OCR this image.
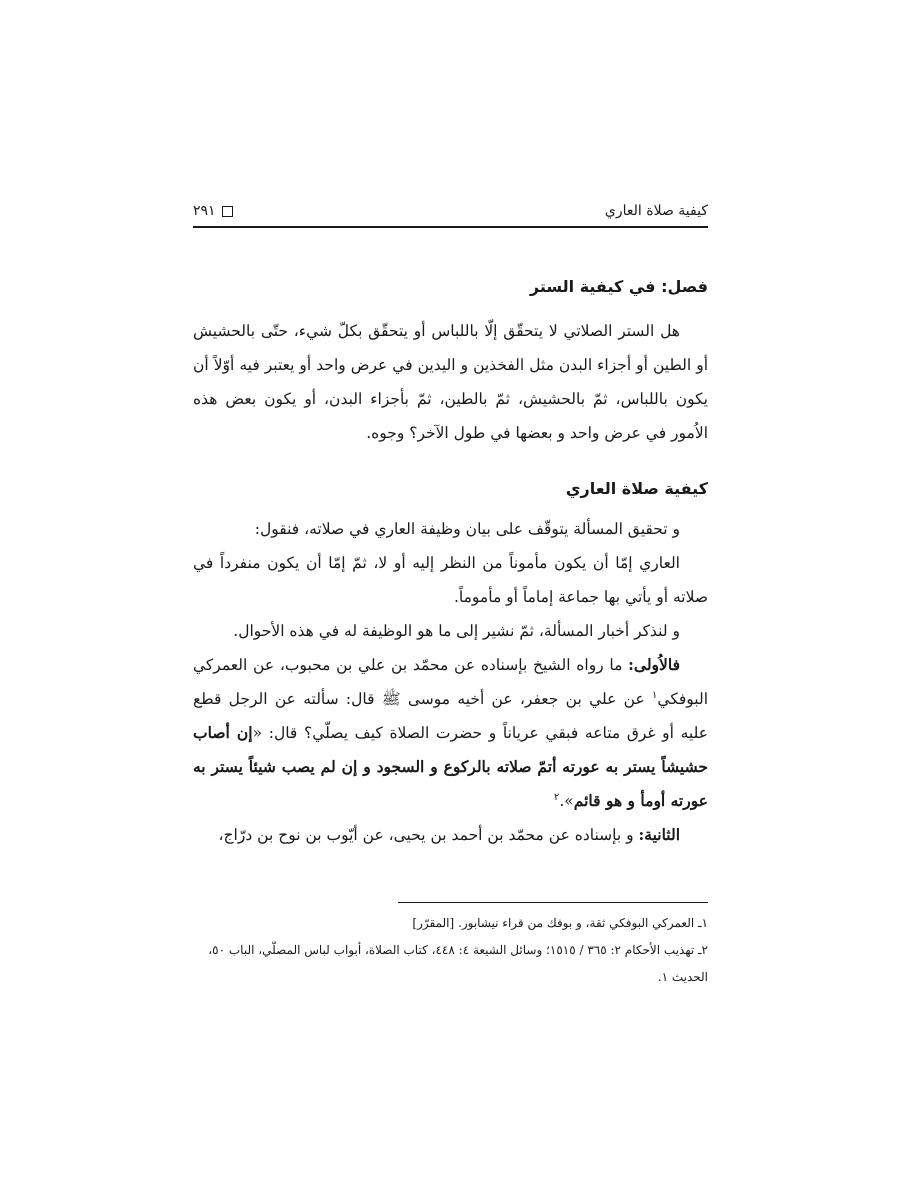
كيفية صلاة العاري
٢٩١
فصل: في كيفية الستر

هل الستر الصلاتي لا يتحقّق إلّا باللباس أو يتحقّق بكلّ شيء، حتّى بالحشيش أو الطين أو أجزاء البدن مثل الفخذين و اليدين في عرض واحد أو يعتبر فيه أوّلاً أن يكون باللباس، ثمّ بالحشيش، ثمّ بالطين، ثمّ بأجزاء البدن، أو يكون بعض هذه الاُمور في عرض واحد و بعضها في طول الآخر؟ وجوه.

كيفية صلاة العاري

و تحقيق المسألة يتوقّف على بيان وظيفة العاري في صلاته، فنقول:

العاري إمّا أن يكون مأموناً من النظر إليه أو لا، ثمّ إمّا أن يكون منفرداً في صلاته أو يأتي بها جماعة إماماً أو مأموماً.

و لنذكر أخبار المسألة، ثمّ نشير إلى ما هو الوظيفة له في هذه الأحوال.

فالاُولى: ما رواه الشيخ بإسناده عن محمّد بن علي بن محبوب، عن العمركي البوفكي$^١$ عن علي بن جعفر، عن أخيه موسى ﷺ قال: سألته عن الرجل قطع عليه أو غرق متاعه فبقي عرياناً و حضرت الصلاة كيف يصلّي؟ قال: «إن أصاب حشيشاً يستر به عورته أتمّ صلاته بالركوع و السجود و إن لم يصب شيئاً يستر به عورته أومأ و هو قائم».$^٢$

الثانية: و بإسناده عن محمّد بن أحمد بن يحيى، عن أيّوب بن نوح بن درّاج،

١ـ العمركي البوفكي ثقة، و بوفك من قراء نيشابور. [المقرّر]

٢ـ تهذيب الأحكام ٢: ٣٦٥ / ١٥١٥؛ وسائل الشيعة ٤: ٤٤٨، كتاب الصلاة، أبواب لباس المصلّي، الباب ٥٠، الحديث ١.
